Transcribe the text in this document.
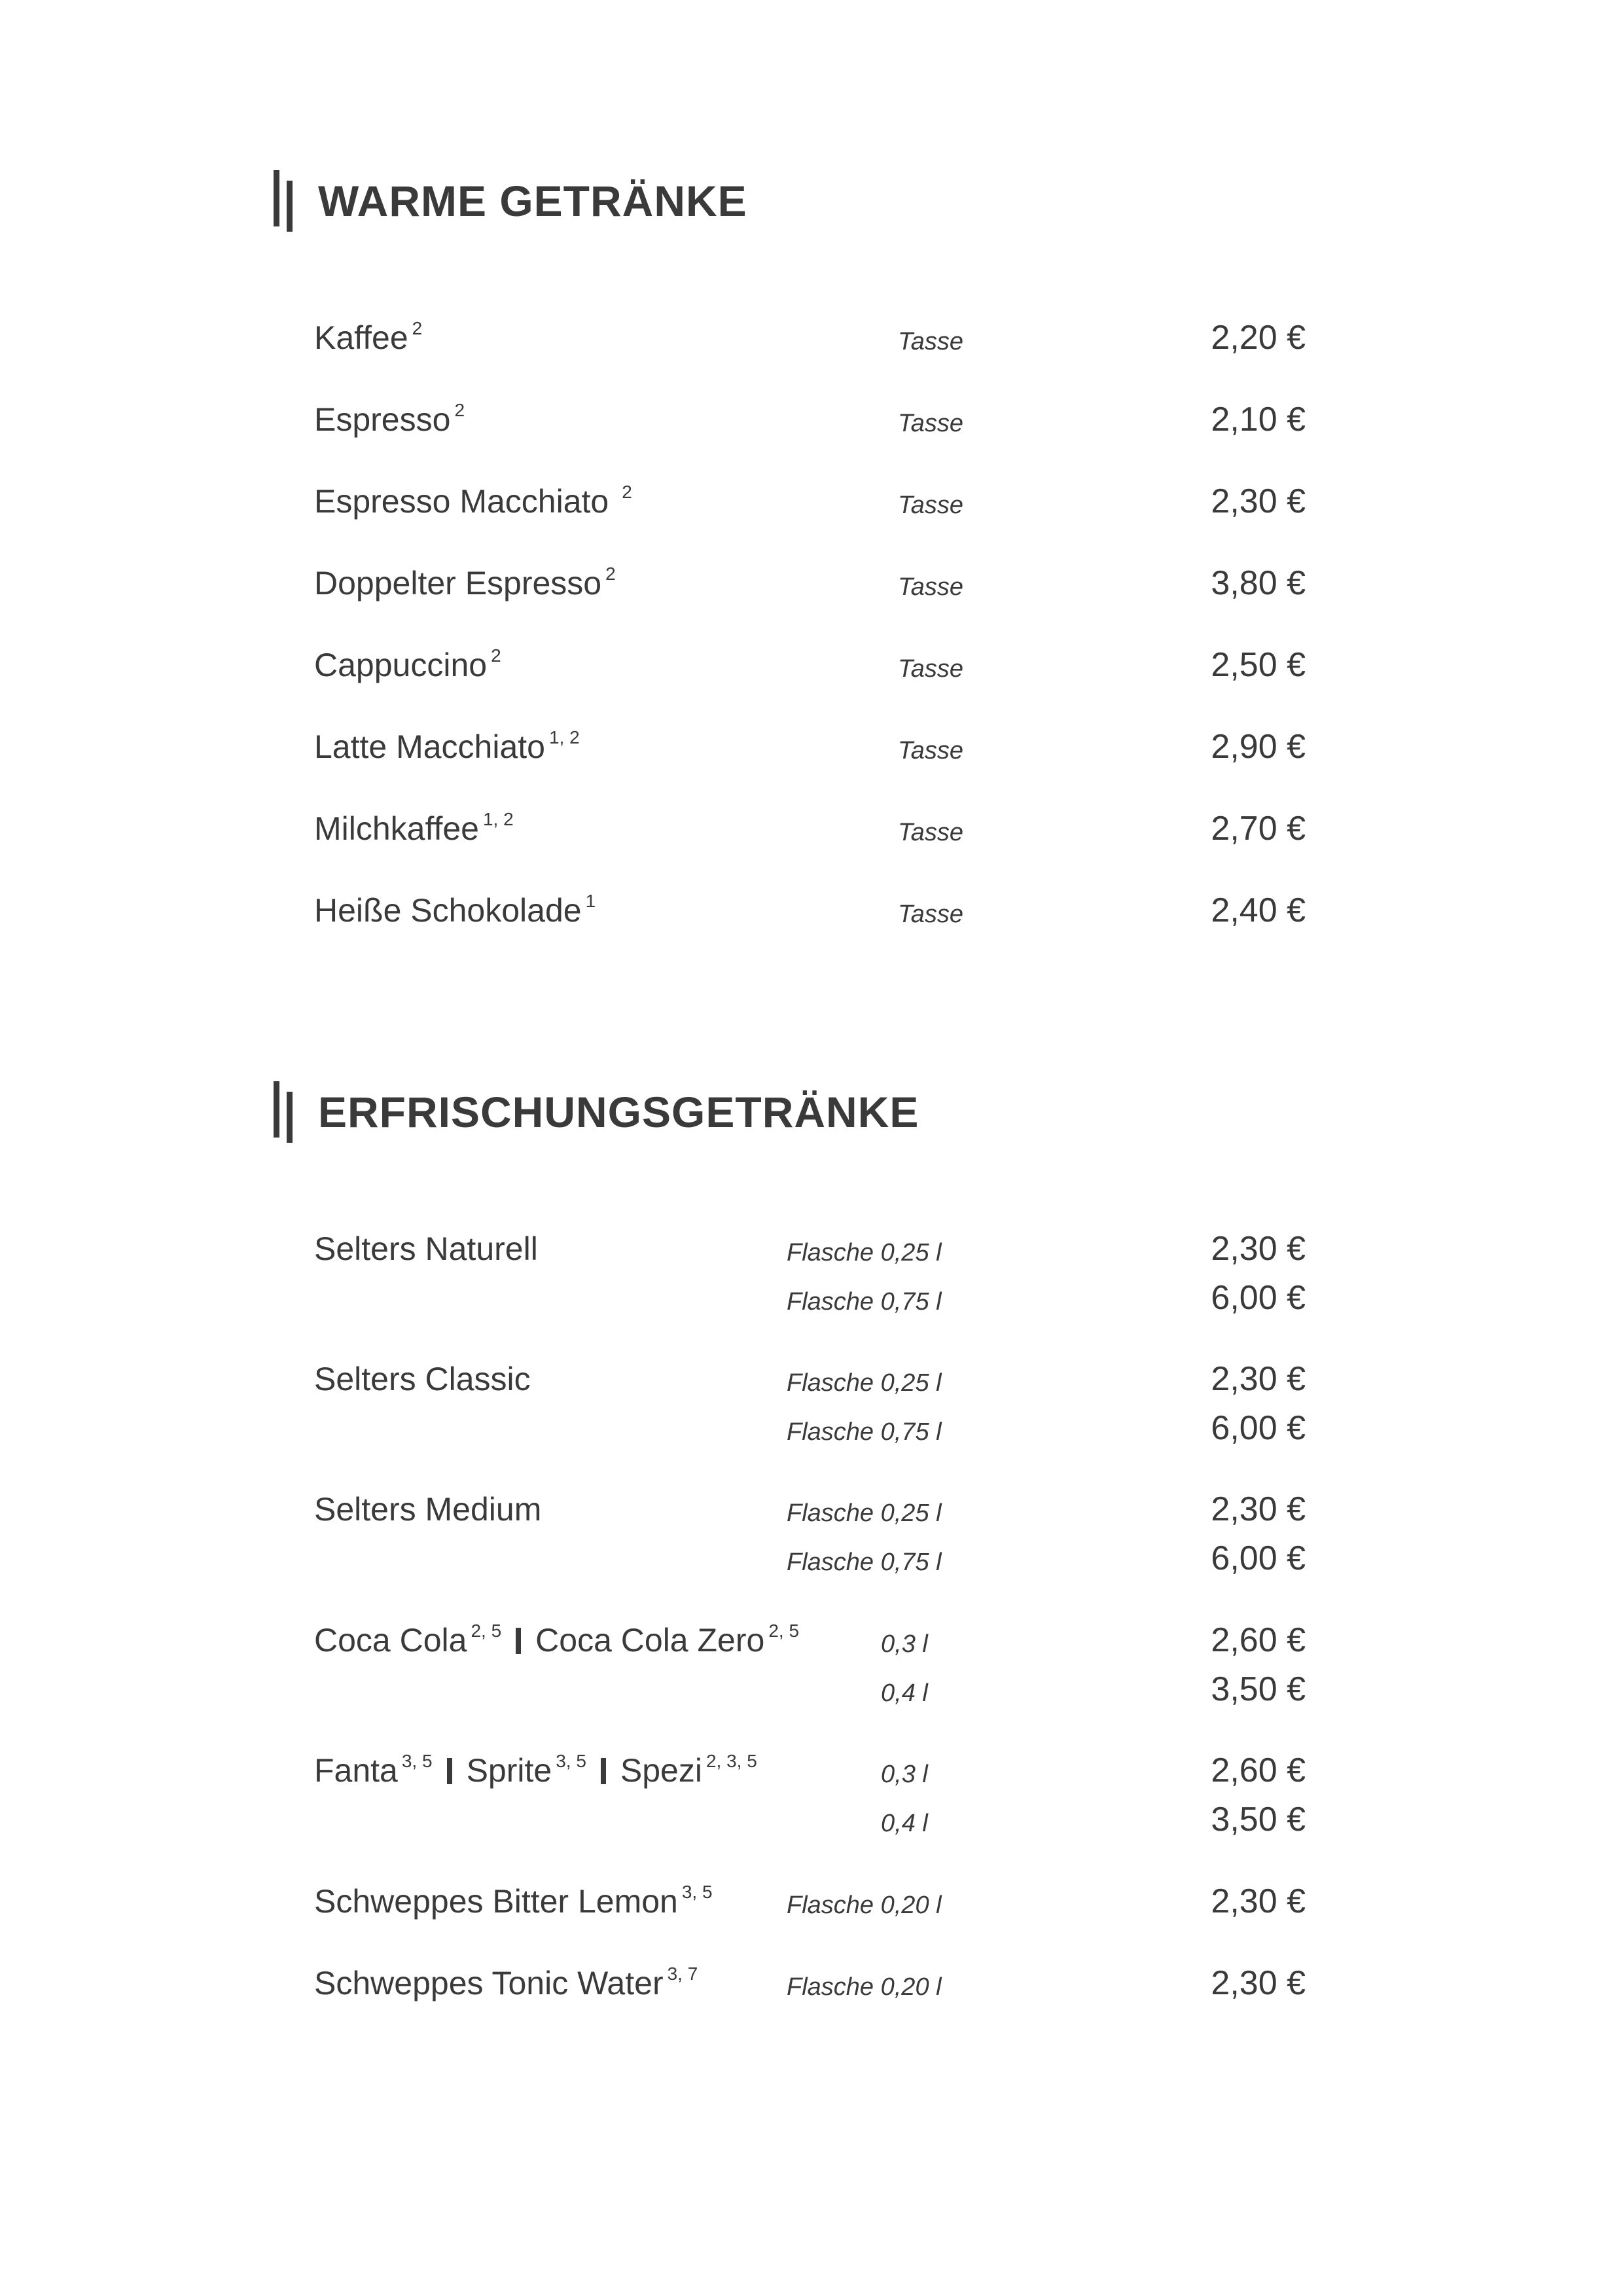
WARME GETRÄNKE
Kaffee $^2$	Tasse	2,20 €
Espresso $^2$	Tasse	2,10 €
Espresso Macchiato $^2$	Tasse	2,30 €
Doppelter Espresso $^2$	Tasse	3,80 €
Cappuccino $^2$	Tasse	2,50 €
Latte Macchiato $^{1, 2}$	Tasse	2,90 €
Milchkaffee $^{1, 2}$	Tasse	2,70 €
Heiße Schokolade $^1$	Tasse	2,40 €
ERFRISCHUNGSGETRÄNKE
Selters Naturell	Flasche 0,25 l	2,30 €
Flasche 0,75 l	6,00 €
Selters Classic	Flasche 0,25 l	2,30 €
Flasche 0,75 l	6,00 €
Selters Medium	Flasche 0,25 l	2,30 €
Flasche 0,75 l	6,00 €
Coca Cola $^{2, 5}$ Coca Cola Zero $^{2, 5}$	0,3 l	2,60 €
0,4 l	3,50 €
Fanta $^{3, 5}$ Sprite $^{3, 5}$ Spezi $^{2, 3, 5}$	0,3 l	2,60 €
0,4 l	3,50 €
Schweppes Bitter Lemon $^{3, 5}$	Flasche 0,20 l	2,30 €
Schweppes Tonic Water $^{3, 7}$	Flasche 0,20 l	2,30 €
